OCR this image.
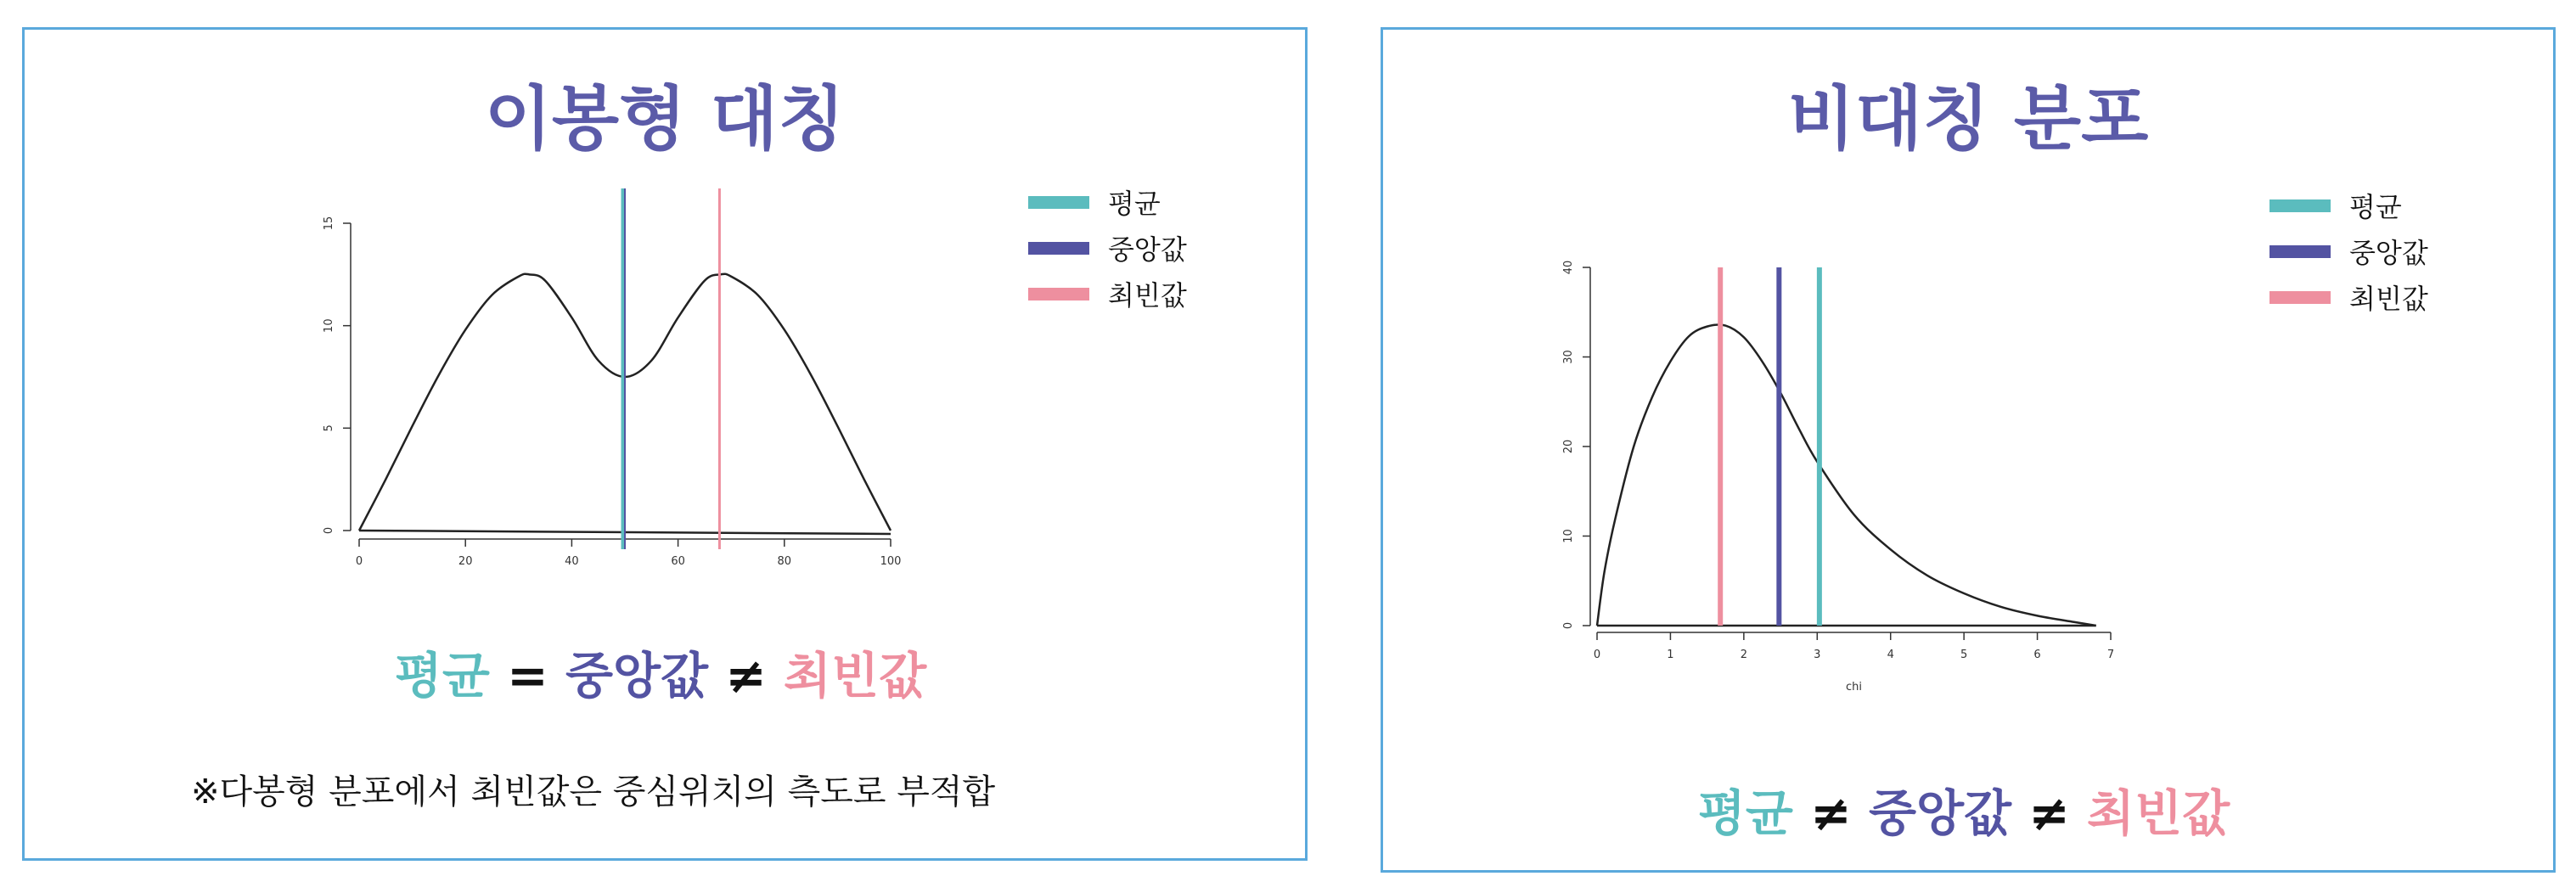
이봉형 대칭
0
5
10
15
0	20	40	60	80	100
평균
중앙값
최빈값
평균 = 중앙값 ≠ 최빈값
※다봉형 분포에서 최빈값은 중심위치의 측도로 부적합
비대칭 분포
0
10
20
30
40
0	1	2	3	4	5	6	7
chi
평균
중앙값
최빈값
평균 ≠ 중앙값 ≠ 최빈값
